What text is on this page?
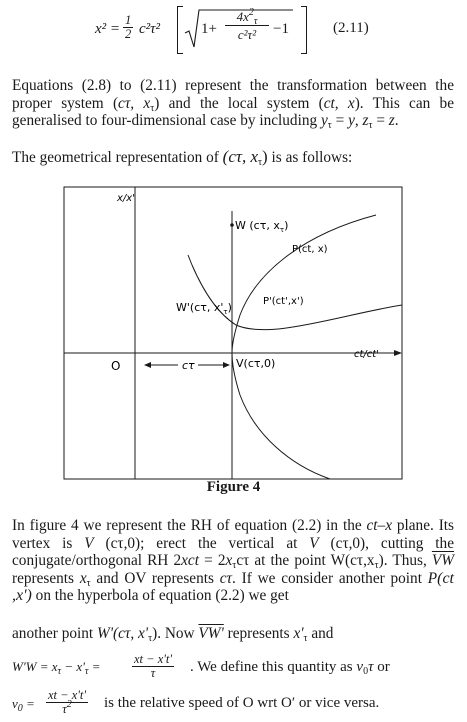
$x^2 = \frac{1}{2} c^2\tau^2$	1+
$4x^2_\tau$
c²τ²	−1	(2.11)
Equations (2.8) to (2.11) represent the transformation between the proper system (cτ, $x_\tau$) and the local system (ct, x). This can be generalised to four-dimensional case by including $y_\tau = y$, $z_\tau = z$.
The geometrical representation of (cτ, $x_\tau$) is as follows:
x/x'
ct/ct'
O	cτ
W (cτ, $x_\tau$)
P(ct, x)
P'(ct',x')
W'(cτ, $x'_\tau$)
V(cτ,0)
Figure 4
In figure 4 we represent the RH of equation (2.2) in the ct–x plane. Its vertex is V (cτ,0); erect the vertical at V (cτ,0), cutting the conjugate/orthogonal RH $2xct = 2x_\tau c\tau$ at the point $W(c\tau,x_\tau)$. Thus, $\overline{VW}$ represents $x_\tau$ and OV represents cτ. If we consider another point P(ct ,x') on the hyperbola of equation (2.2) we get
another point W'(cτ, $x'_\tau$). Now VW' represents $x'_\tau$ and
$W'W = x_\tau - x'_\tau$ =	$\frac{xt - x't'}{\tau}$ . We define this quantity as $v_0\tau$ or
$v_0 = \frac{xt - x't'}{\tau^2}$ is the relative speed of O wrt O′ or vice versa.
